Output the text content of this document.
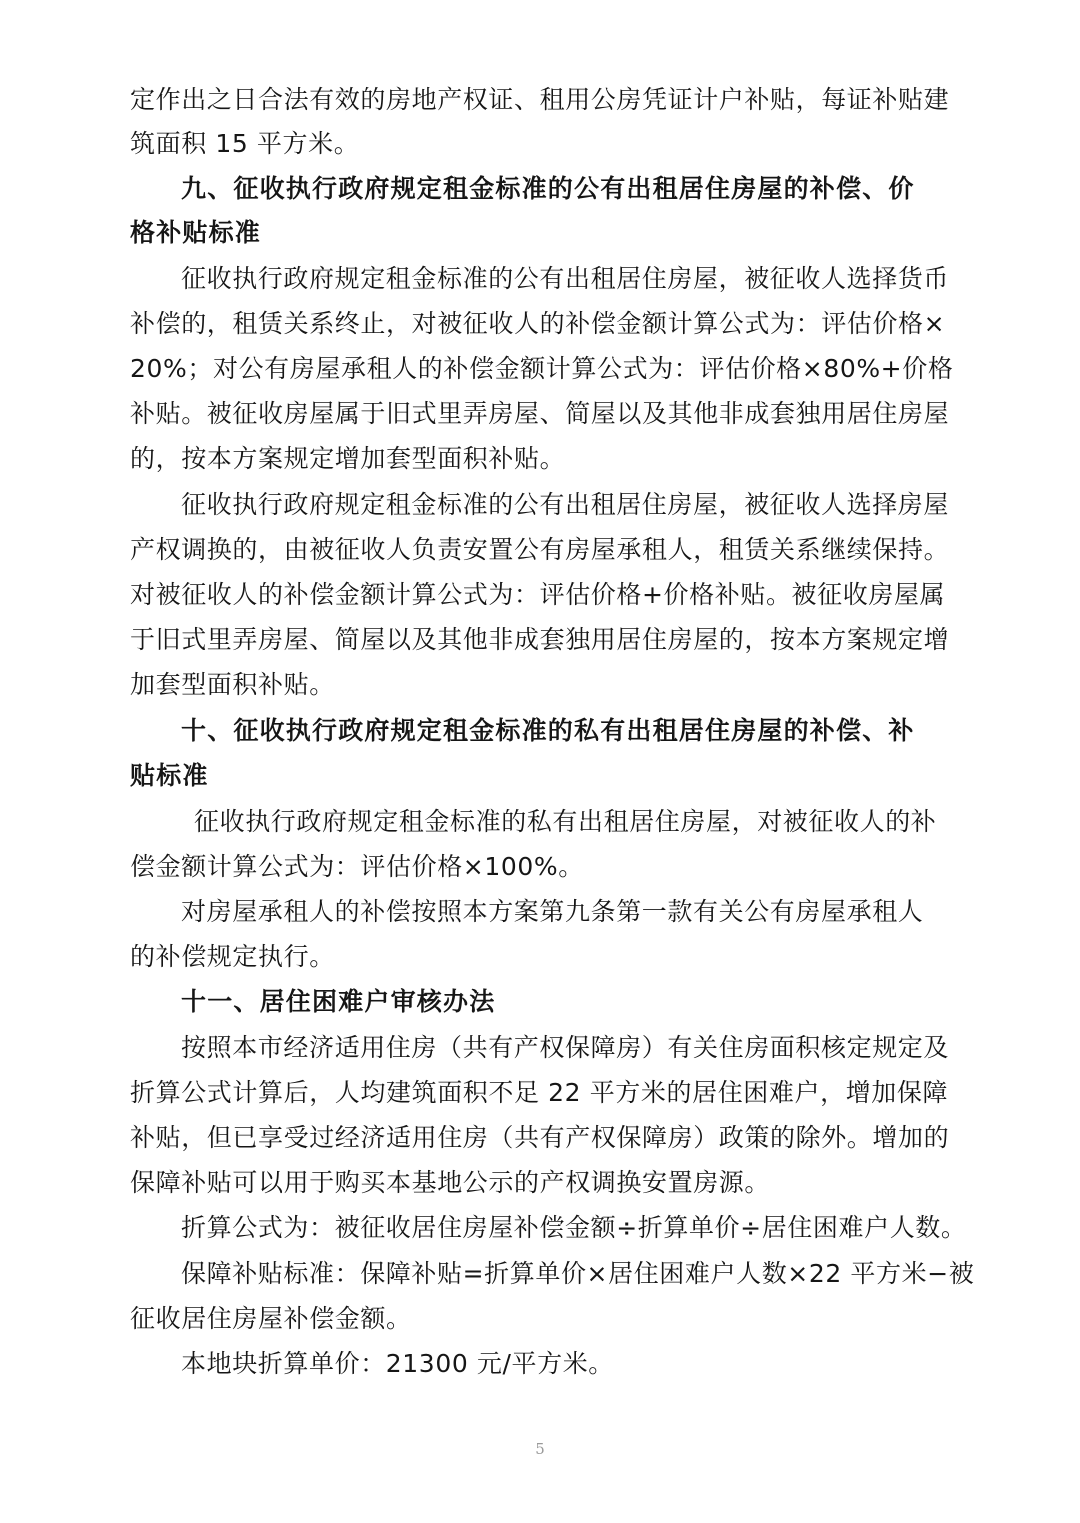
定作出之日合法有效的房地产权证、租用公房凭证计户补贴，每证补贴建
筑面积 15 平方米。
九、征收执行政府规定租金标准的公有出租居住房屋的补偿、价
格补贴标准
征收执行政府规定租金标准的公有出租居住房屋，被征收人选择货币
补偿的，租赁关系终止，对被征收人的补偿金额计算公式为：评估价格×
20%；对公有房屋承租人的补偿金额计算公式为：评估价格×80%+价格
补贴。被征收房屋属于旧式里弄房屋、简屋以及其他非成套独用居住房屋
的，按本方案规定增加套型面积补贴。
征收执行政府规定租金标准的公有出租居住房屋，被征收人选择房屋
产权调换的，由被征收人负责安置公有房屋承租人，租赁关系继续保持。
对被征收人的补偿金额计算公式为：评估价格+价格补贴。被征收房屋属
于旧式里弄房屋、简屋以及其他非成套独用居住房屋的，按本方案规定增
加套型面积补贴。
十、征收执行政府规定租金标准的私有出租居住房屋的补偿、补
贴标准
征收执行政府规定租金标准的私有出租居住房屋，对被征收人的补
偿金额计算公式为：评估价格×100%。
对房屋承租人的补偿按照本方案第九条第一款有关公有房屋承租人
的补偿规定执行。
十一、居住困难户审核办法
按照本市经济适用住房（共有产权保障房）有关住房面积核定规定及
折算公式计算后，人均建筑面积不足 22 平方米的居住困难户，增加保障
补贴，但已享受过经济适用住房（共有产权保障房）政策的除外。增加的
保障补贴可以用于购买本基地公示的产权调换安置房源。
折算公式为：被征收居住房屋补偿金额÷折算单价÷居住困难户人数。
保障补贴标准：保障补贴=折算单价×居住困难户人数×22 平方米−被
征收居住房屋补偿金额。
本地块折算单价：21300 元/平方米。
5
